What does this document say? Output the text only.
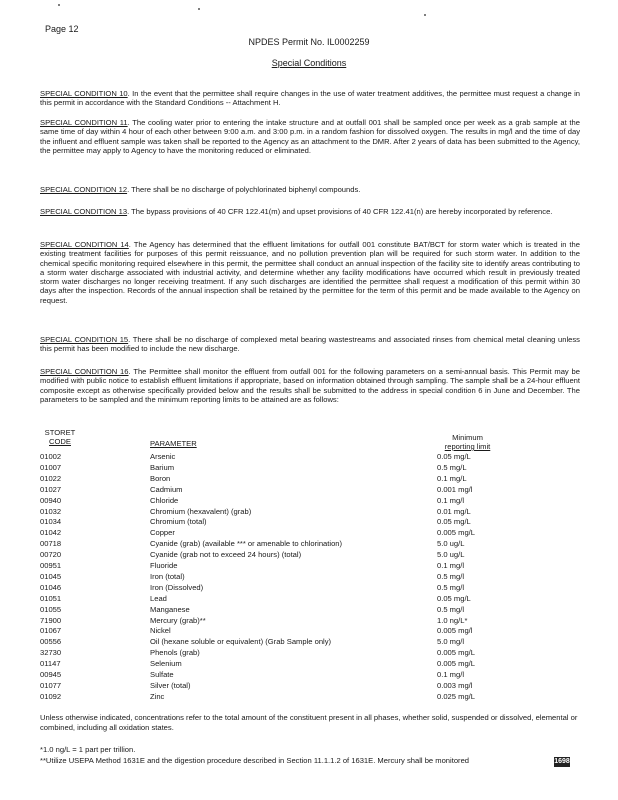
Page 12
NPDES Permit No. IL0002259
Special Conditions

SPECIAL CONDITION 10. In the event that the permittee shall require changes in the use of water treatment additives, the permittee must request a change in this permit in accordance with the Standard Conditions -- Attachment H.

SPECIAL CONDITION 11. The cooling water prior to entering the intake structure and at outfall 001 shall be sampled once per week as a grab sample at the same time of day within 4 hour of each other between 9:00 a.m. and 3:00 p.m. in a random fashion for dissolved oxygen. The results in mg/l and the time of day the influent and effluent sample was taken shall be reported to the Agency as an attachment to the DMR. After 2 years of data has been submitted to the Agency, the permittee may apply to Agency to have the monitoring reduced or eliminated.

SPECIAL CONDITION 12. There shall be no discharge of polychlorinated biphenyl compounds.

SPECIAL CONDITION 13. The bypass provisions of 40 CFR 122.41(m) and upset provisions of 40 CFR 122.41(n) are hereby incorporated by reference.

SPECIAL CONDITION 14. The Agency has determined that the effluent limitations for outfall 001 constitute BAT/BCT for storm water which is treated in the existing treatment facilities for purposes of this permit reissuance, and no pollution prevention plan will be required for such storm water. In addition to the chemical specific monitoring required elsewhere in this permit, the permittee shall conduct an annual inspection of the facility site to identify areas contributing to a storm water discharge associated with industrial activity, and determine whether any facility modifications have occurred which result in previously treated storm water discharges no longer receiving treatment. If any such discharges are identified the permittee shall request a modification of this permit within 30 days after the inspection. Records of the annual inspection shall be retained by the permittee for the term of this permit and be made available to the Agency on request.

SPECIAL CONDITION 15. There shall be no discharge of complexed metal bearing wastestreams and associated rinses from chemical metal cleaning unless this permit has been modified to include the new discharge.

SPECIAL CONDITION 16. The Permittee shall monitor the effluent from outfall 001 for the following parameters on a semi-annual basis. This Permit may be modified with public notice to establish effluent limitations if appropriate, based on information obtained through sampling. The sample shall be a 24-hour effluent composite except as otherwise specifically provided below and the results shall be submitted to the address in special condition 6 in June and December. The parameters to be sampled and the minimum reporting limits to be attained are as follows:

STORET
CODE	PARAMETER
Minimum
reporting limit
01002	Arsenic	0.05 mg/L
01007	Barium	0.5 mg/L
01022	Boron	0.1 mg/L
01027	Cadmium	0.001 mg/l
00940	Chloride	0.1 mg/l
01032	Chromium (hexavalent) (grab)	0.01 mg/L
01034	Chromium (total)	0.05 mg/L
01042	Copper	0.005 mg/L
00718	Cyanide (grab) (available *** or amenable to chlorination)	5.0 ug/L
00720	Cyanide (grab not to exceed 24 hours) (total)	5.0 ug/L
00951	Fluoride	0.1 mg/l
01045	Iron (total)	0.5 mg/l
01046	Iron (Dissolved)	0.5 mg/l
01051	Lead	0.05 mg/L
01055	Manganese	0.5 mg/l
71900	Mercury (grab)**	1.0 ng/L*
01067	Nickel	0.005 mg/l
00556	Oil (hexane soluble or equivalent) (Grab Sample only)	5.0 mg/l
32730	Phenols (grab)	0.005 mg/L
01147	Selenium	0.005 mg/L
00945	Sulfate	0.1 mg/l
01077	Silver (total)	0.003 mg/l
01092	Zinc	0.025 mg/L

Unless otherwise indicated, concentrations refer to the total amount of the constituent present in all phases, whether solid, suspended or dissolved, elemental or combined, including all oxidation states.

*1.0 ng/L = 1 part per trillion.

**Utilize USEPA Method 1631E and the digestion procedure described in Section 11.1.1.2 of 1631E. Mercury shall be monitored	1698
